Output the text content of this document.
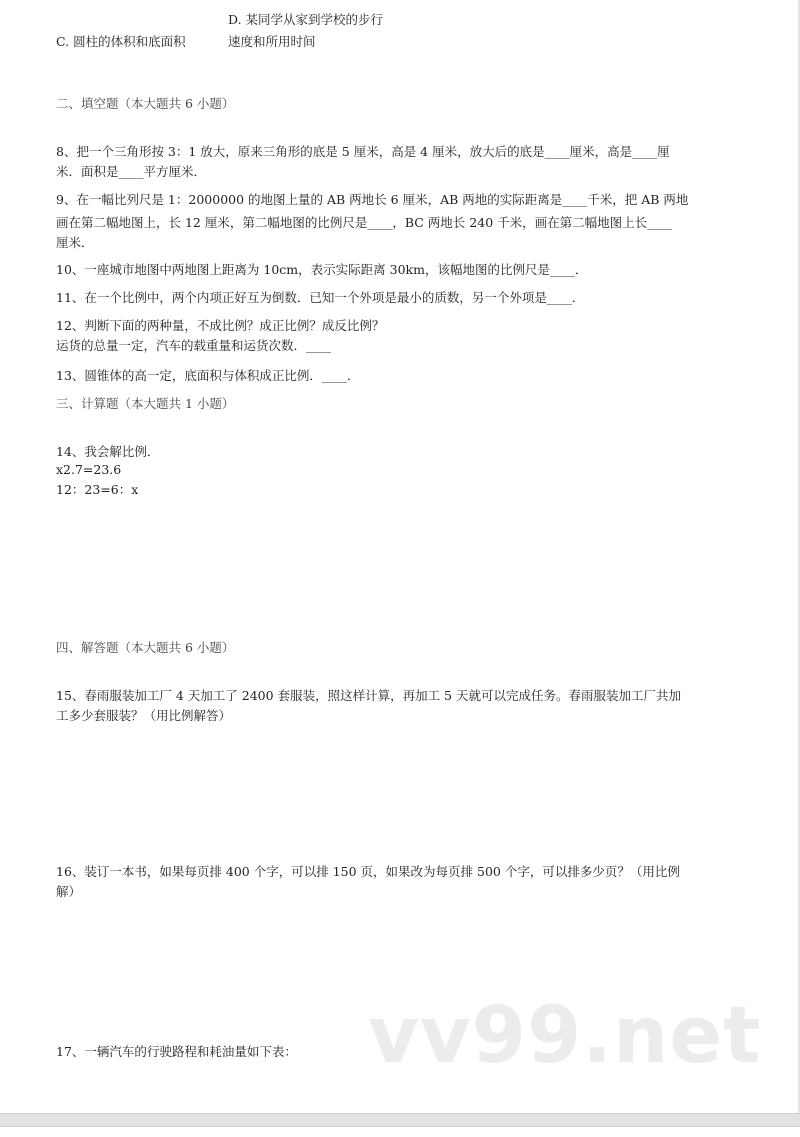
D. 某同学从家到学校的步行
C. 圆柱的体积和底面积	速度和所用时间
二、填空题（本大题共 6 小题）
8、把一个三角形按 3：1 放大，原来三角形的底是 5 厘米，高是 4 厘米，放大后的底是____厘米，高是____厘
米．面积是____平方厘米．
9、在一幅比列尺是 1：2000000 的地图上量的 AB 两地长 6 厘米，AB 两地的实际距离是____千米，把 AB 两地
画在第二幅地图上，长 12 厘米，第二幅地图的比例尺是____，BC 两地长 240 千米，画在第二幅地图上长____
厘米．
10、一座城市地图中两地图上距离为 10cm，表示实际距离 30km，该幅地图的比例尺是____．
11、在一个比例中，两个内项正好互为倒数．已知一个外项是最小的质数，另一个外项是____．
12、判断下面的两种量，不成比例？成正比例？成反比例？
运货的总量一定，汽车的载重量和运货次数．____
13、圆锥体的高一定，底面积与体积成正比例．____．
三、计算题（本大题共 1 小题）
14、我会解比例．
x2.7=23.6
12：23=6：x
四、解答题（本大题共 6 小题）
15、春雨服装加工厂 4 天加工了 2400 套服装，照这样计算，再加工 5 天就可以完成任务。春雨服装加工厂共加
工多少套服装？（用比例解答）
16、装订一本书，如果每页排 400 个字，可以排 150 页，如果改为每页排 500 个字，可以排多少页？（用比例
解）
vv99.net
17、一辆汽车的行驶路程和耗油量如下表：
